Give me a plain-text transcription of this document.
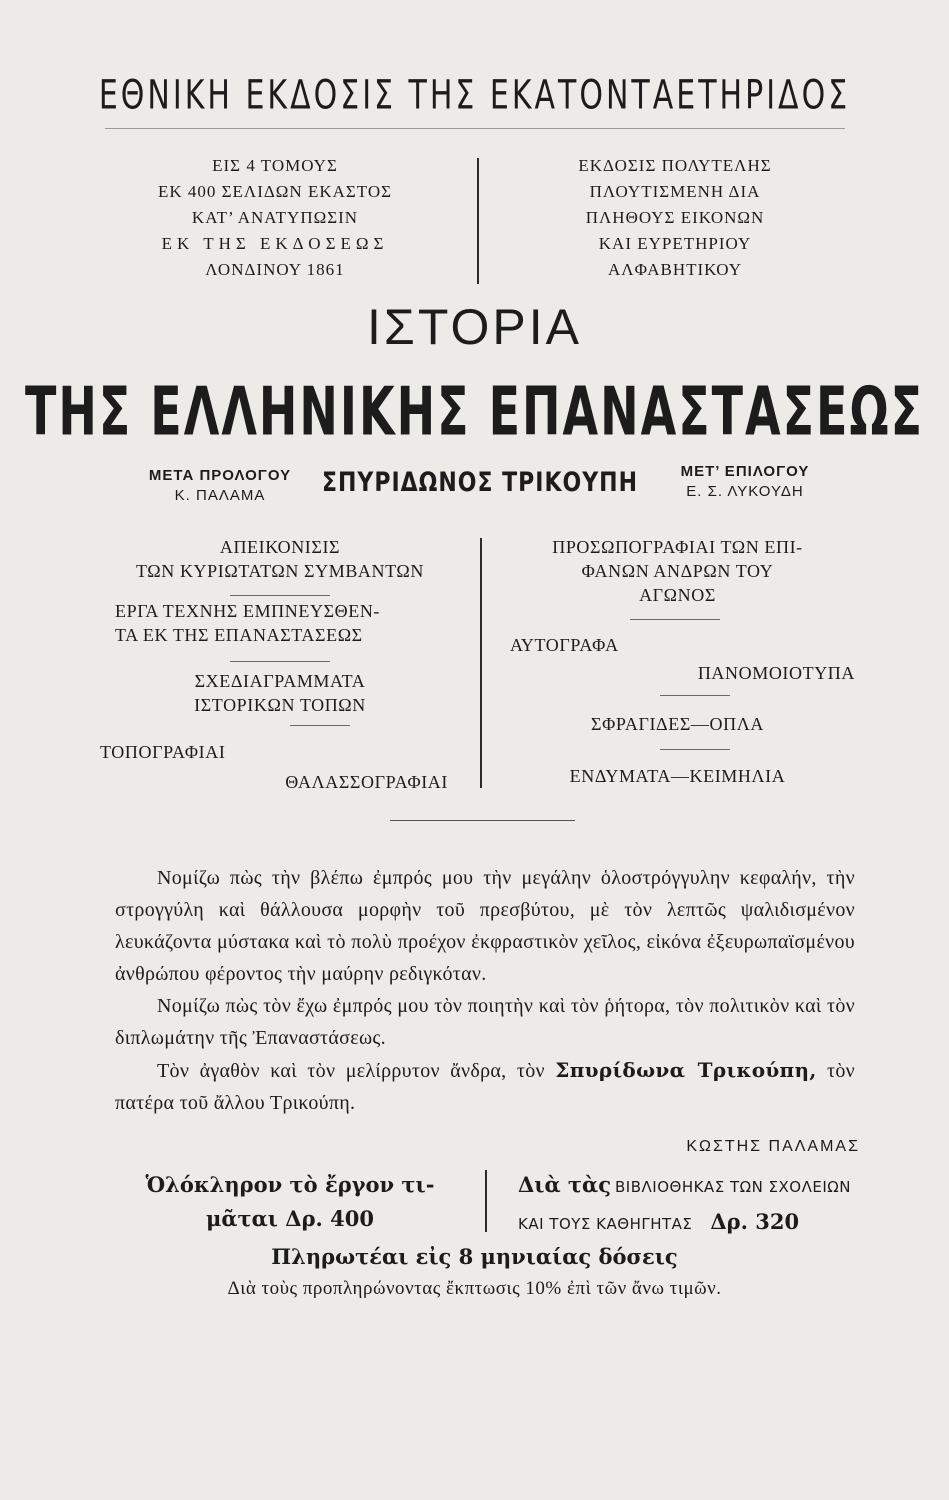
ΕΘΝΙΚΗ ΕΚΔΟΣΙΣ ΤΗΣ ΕΚΑΤΟΝΤΑΕΤΗΡΙΔΟΣ
ΕΙΣ 4 ΤΟΜΟΥΣ
ΕΚ 400 ΣΕΛΙΔΩΝ ΕΚΑΣΤΟΣ
ΚΑΤ’ ΑΝΑΤΥΠΩΣΙΝ
ΕΚ ΤΗΣ ΕΚΔΟΣΕΩΣ
ΛΟΝΔΙΝΟΥ 1861
ΕΚΔΟΣΙΣ ΠΟΛΥΤΕΛΗΣ
ΠΛΟΥΤΙΣΜΕΝΗ ΔΙΑ
ΠΛΗΘΟΥΣ ΕΙΚΟΝΩΝ
ΚΑΙ ΕΥΡΕΤΗΡΙΟΥ
ΑΛΦΑΒΗΤΙΚΟΥ
ΙΣΤΟΡΙΑ
ΤΗΣ ΕΛΛΗΝΙΚΗΣ ΕΠΑΝΑΣΤΑΣΕΩΣ
ΜΕΤΑ ΠΡΟΛΟΓΟΥ
Κ. ΠΑΛΑΜΑ	ΣΠΥΡΙΔΩΝΟΣ ΤΡΙΚΟΥΠΗ	ΜΕΤ’ ΕΠΙΛΟΓΟΥ
Ε. Σ. ΛΥΚΟΥΔΗ
ΑΠΕΙΚΟΝΙΣΙΣ
ΤΩΝ ΚΥΡΙΩΤΑΤΩΝ ΣΥΜΒΑΝΤΩΝ
ΕΡΓΑ ΤΕΧΝΗΣ ΕΜΠΝΕΥΣΘΕΝ-
ΤΑ ΕΚ ΤΗΣ ΕΠΑΝΑΣΤΑΣΕΩΣ
ΣΧΕΔΙΑΓΡΑΜΜΑΤΑ
ΙΣΤΟΡΙΚΩΝ ΤΟΠΩΝ
ΤΟΠΟΓΡΑΦΙΑΙ
ΘΑΛΑΣΣΟΓΡΑΦΙΑΙ
ΠΡΟΣΩΠΟΓΡΑΦΙΑΙ ΤΩΝ ΕΠΙ-
ΦΑΝΩΝ ΑΝΔΡΩΝ ΤΟΥ
ΑΓΩΝΟΣ
ΑΥΤΟΓΡΑΦΑ
ΠΑΝΟΜΟΙΟΤΥΠΑ
ΣΦΡΑΓΙΔΕΣ—ΟΠΛΑ
ΕΝΔΥΜΑΤΑ—ΚΕΙΜΗΛΙΑ

Νομίζω πὼς τὴν βλέπω ἐμπρός μου τὴν μεγάλην ὁλοστρόγγυλην κεφαλήν, τὴν στρογγύλη καὶ θάλλουσα μορφὴν τοῦ πρεσβύτου, μὲ τὸν λεπτῶς ψαλιδισμένον λευκάζοντα μύστακα καὶ τὸ πολὺ προέχον ἐκφραστικὸν χεῖλος, εἰκόνα ἐξευρωπαϊσμένου ἀνθρώπου φέροντος τὴν μαύρην ρεδιγκόταν.

Νομίζω πὼς τὸν ἔχω ἐμπρός μου τὸν ποιητὴν καὶ τὸν ῥήτορα, τὸν πολιτικὸν καὶ τὸν διπλωμάτην τῆς Ἐπαναστάσεως.

Τὸν ἀγαθὸν καὶ τὸν μελίρρυτον ἄνδρα, τὸν Σπυρίδωνα Τρικούπη, τὸν πατέρα τοῦ ἄλλου Τρικούπη.

ΚΩΣΤΗΣ ΠΑΛΑΜΑΣ
Ὁλόκληρον τὸ ἔργον τι-
μᾶται Δρ. 400
Διὰ τὰς ΒΙΒΛΙΟΘΗΚΑΣ ΤΩΝ ΣΧΟΛΕΙΩΝ
ΚΑΙ ΤΟΥΣ ΚΑΘΗΓΗΤΑΣ Δρ. 320
Πληρωτέαι εἰς 8 μηνιαίας δόσεις
Διὰ τοὺς προπληρώνοντας ἔκπτωσις 10% ἐπὶ τῶν ἄνω τιμῶν.
